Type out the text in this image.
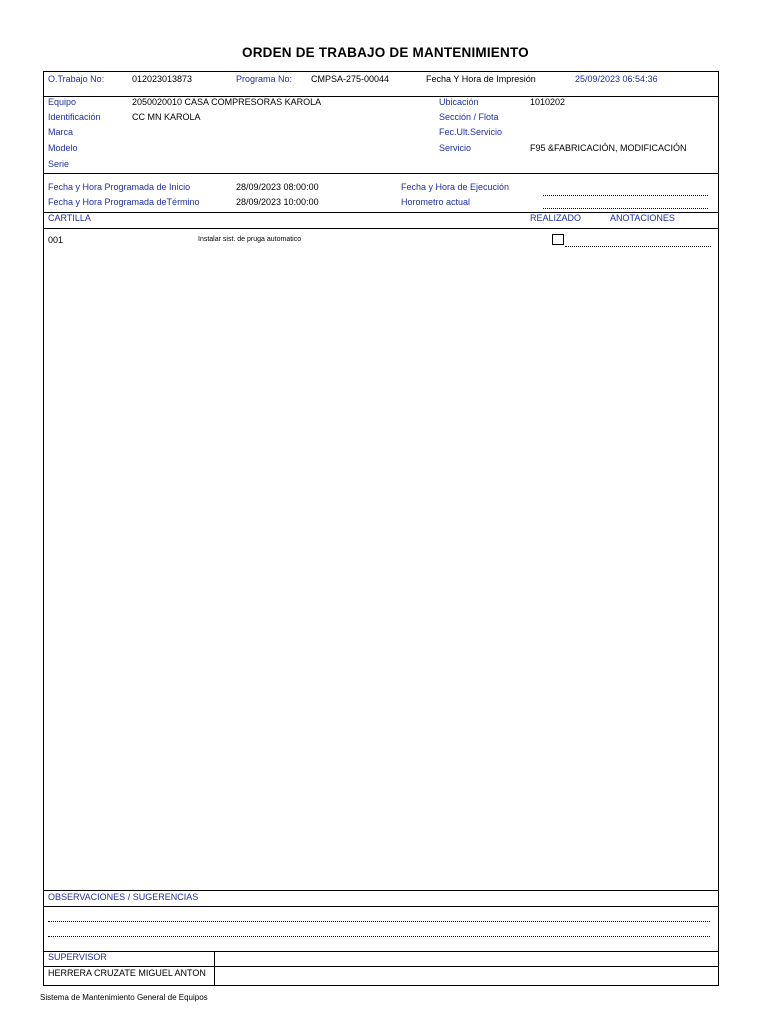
ORDEN DE TRABAJO DE MANTENIMIENTO
O.Trabajo No:	012023013873	Programa No: CMPSA-275-00044	Fecha Y Hora de Impresión	25/09/2023 06:54:36
Equipo	2050020010 CASA COMPRESORAS KAROLA
Identificación	CC MN KAROLA
Marca
Modelo
Serie
Ubicación	1010202
Sección / Flota
Fec.Ult.Servicio
Servicio	F95 &FABRICACIÓN, MODIFICACIÓN
Fecha y Hora Programada de Inicio	28/09/2023 08:00:00
Fecha y Hora Programada deTérmino	28/09/2023 10:00:00
Fecha y Hora de Ejecución
Horometro actual
CARTILLA	REALIZADO	ANOTACIONES
001	Instalar sist. de pruga automatico
OBSERVACIONES / SUGERENCIAS
SUPERVISOR
HERRERA CRUZATE MIGUEL ANTON
Sistema de Mantenimiento General de Equipos
